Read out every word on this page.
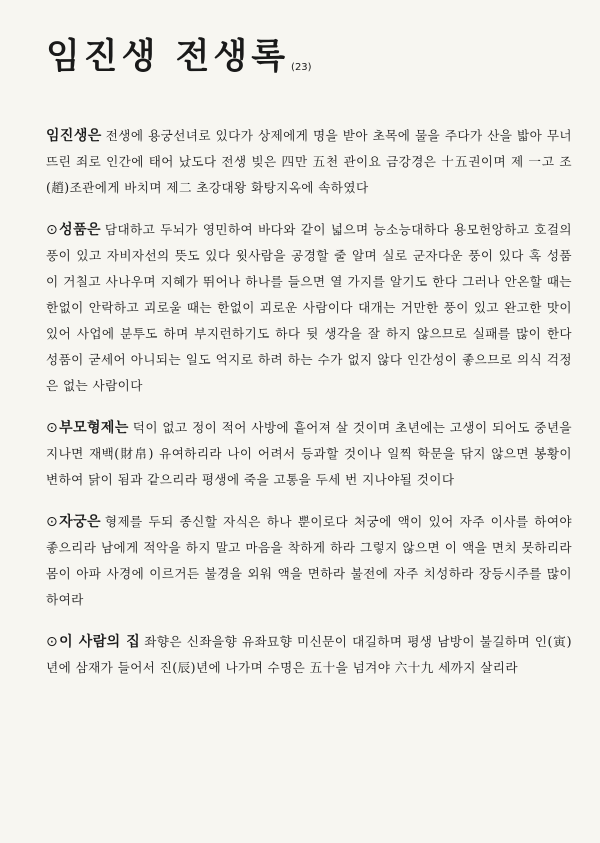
임진생 전생록 (23)

임진생은 전생에 용궁선녀로 있다가 상제에게 명을 받아 초목에 물을 주다가 산을 밟아 무너뜨린 죄로 인간에 태어 났도다 전생 빚은 四만 五천 관이요 금강경은 十五권이며 제 一고 조(趙)조관에게 바치며 제二 초강대왕 화탕지옥에 속하였다

⊙성품은 담대하고 두뇌가 영민하여 바다와 같이 넓으며 능소능대하다 용모헌앙하고 호걸의 풍이 있고 자비자선의 뜻도 있다 윗사람을 공경할 줄 알며 실로 군자다운 풍이 있다 혹 성품이 거칠고 사나우며 지혜가 뛰어나 하나를 들으면 열 가지를 알기도 한다 그러나 안온할 때는 한없이 안락하고 괴로울 때는 한없이 괴로운 사람이다 대개는 거만한 풍이 있고 완고한 맛이 있어 사업에 분투도 하며 부지런하기도 하다 뒷 생각을 잘 하지 않으므로 실패를 많이 한다 성품이 굳세어 아니되는 일도 억지로 하려 하는 수가 없지 않다 인간성이 좋으므로 의식 걱정은 없는 사람이다

⊙부모형제는 덕이 없고 정이 적어 사방에 흩어져 살 것이며 초년에는 고생이 되어도 중년을 지나면 재백(財帛) 유여하리라 나이 어려서 등과할 것이나 일찍 학문을 닦지 않으면 봉황이 변하여 닭이 됨과 같으리라 평생에 죽을 고통을 두세 번 지나야될 것이다

⊙자궁은 형제를 두되 종신할 자식은 하나 뿐이로다 처궁에 액이 있어 자주 이사를 하여야 좋으리라 남에게 적악을 하지 말고 마음을 착하게 하라 그렇지 않으면 이 액을 면치 못하리라 몸이 아파 사경에 이르거든 불경을 외워 액을 면하라 불전에 자주 치성하라 장등시주를 많이 하여라

⊙이 사람의 집 좌향은 신좌을향 유좌묘향 미신문이 대길하며 평생 남방이 불길하며 인(寅)년에 삼재가 들어서 진(辰)년에 나가며 수명은 五十을 넘겨야 六十九 세까지 살리라
